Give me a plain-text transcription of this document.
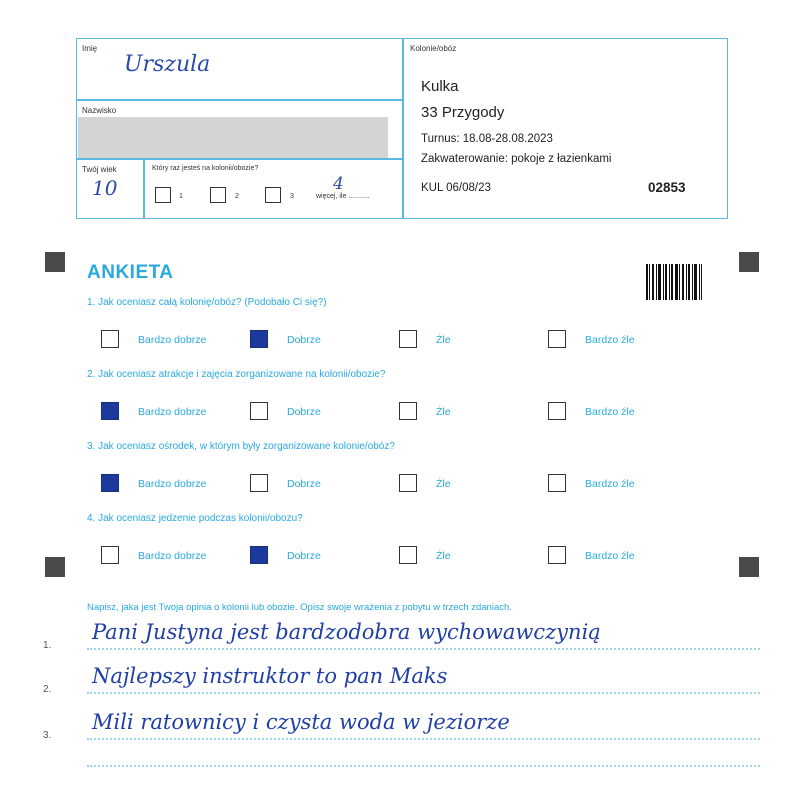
Imię
Urszula
Nazwisko
Twój wiek
10
Który raz jesteś na kolonii/obozie?
1	2	3	więcej, ile ...........
4
Kolonie/obóz
Kulka
33 Przygody
Turnus: 18.08-28.08.2023
Zakwaterowanie: pokoje z łazienkami
KUL 06/08/23	02853
ANKIETA
1. Jak oceniasz całą kolonię/obóz? (Podobało Ci się?)
Bardzo dobrze	Dobrze	Źle	Bardzo źle
2. Jak oceniasz atrakcje i zajęcia zorganizowane na kolonii/obozie?
Bardzo dobrze	Dobrze	Źle	Bardzo źle
3. Jak oceniasz ośrodek, w którym były zorganizowane kolonie/obóz?
Bardzo dobrze	Dobrze	Źle	Bardzo źle
4. Jak oceniasz jedzenie podczas kolonii/obozu?
Bardzo dobrze	Dobrze	Źle	Bardzo źle
Napisz, jaka jest Twoja opinia o kolonii lub obozie. Opisz swoje wrażenia z pobytu w trzech zdaniach.
1.
Pani Justyna jest bardzodobra wychowawczynią
2.
Najlepszy instruktor to pan Maks
3.
Mili ratownicy i czysta woda w jeziorze
